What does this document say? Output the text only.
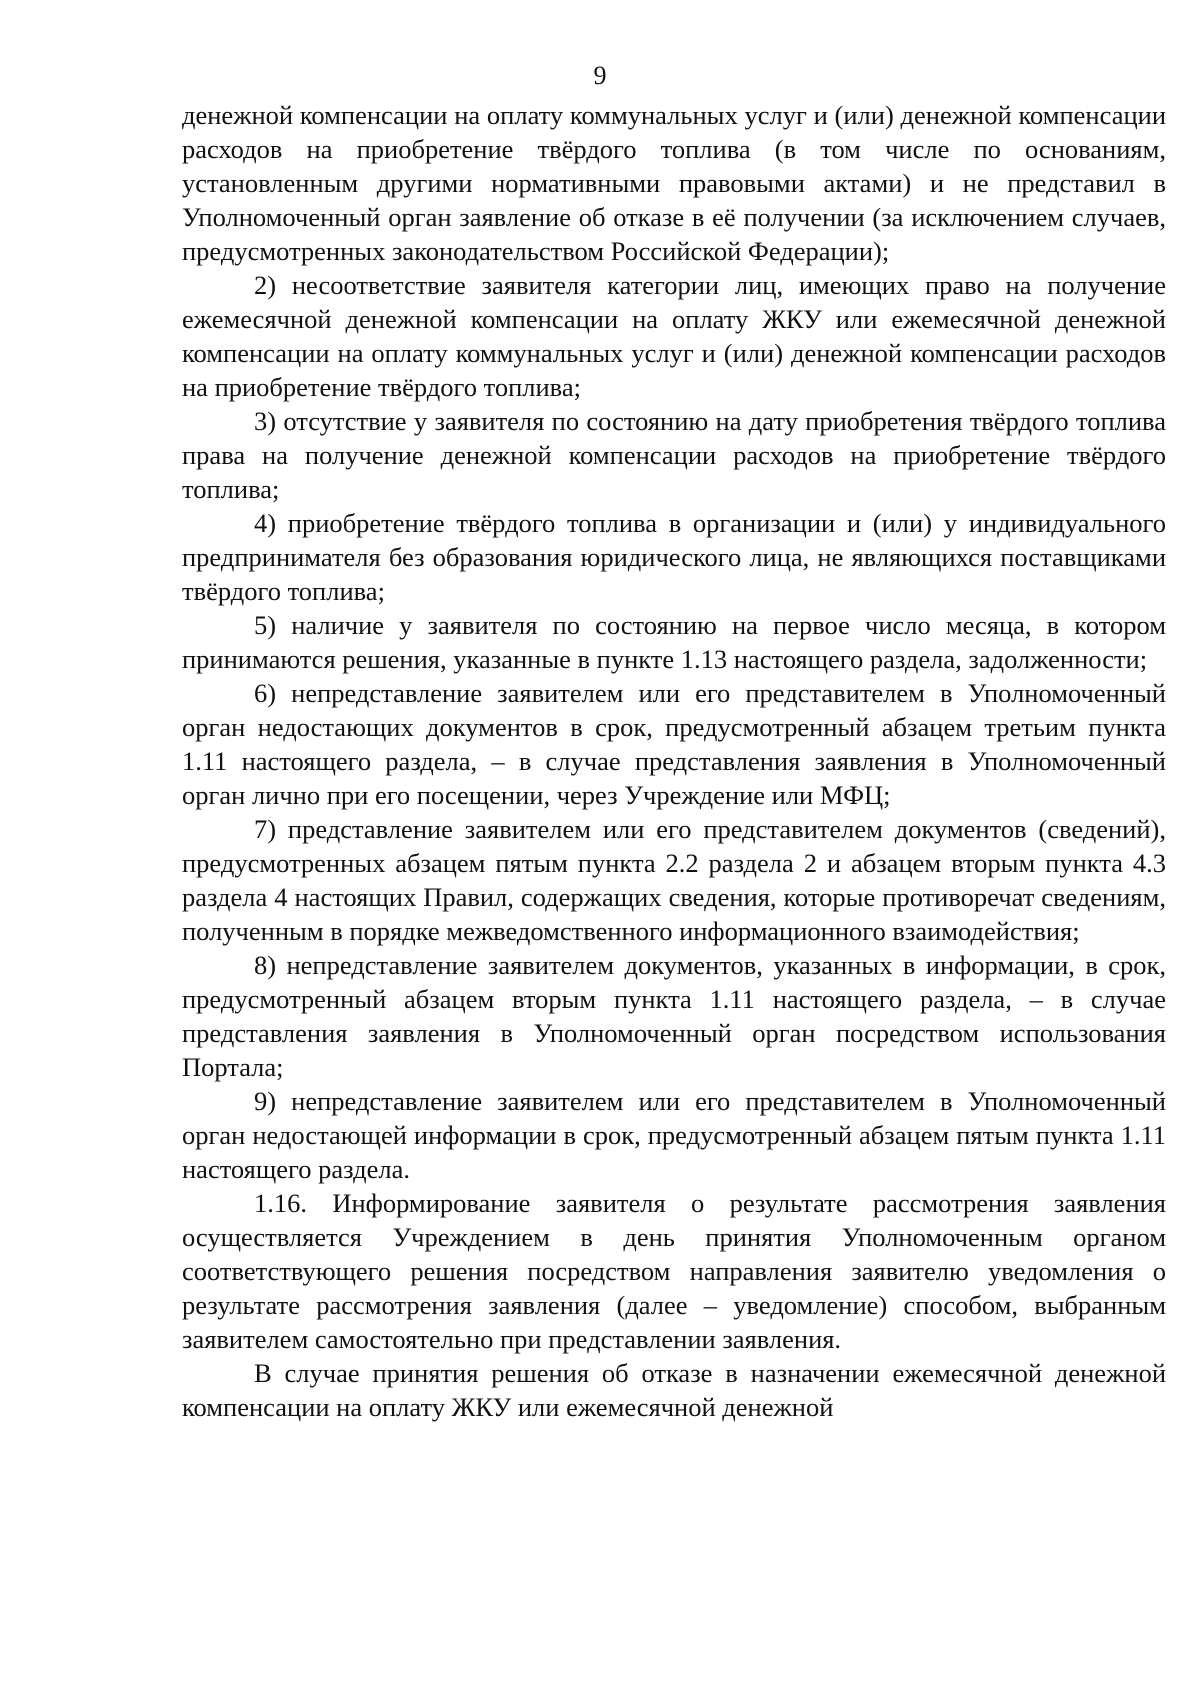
9

денежной компенсации на оплату коммунальных услуг и (или) денежной компенсации расходов на приобретение твёрдого топлива (в том числе по основаниям, установленным другими нормативными правовыми актами) и не представил в Уполномоченный орган заявление об отказе в её получении (за исключением случаев, предусмотренных законодательством Российской Федерации);

2) несоответствие заявителя категории лиц, имеющих право на получение ежемесячной денежной компенсации на оплату ЖКУ или ежемесячной денежной компенсации на оплату коммунальных услуг и (или) денежной компенсации расходов на приобретение твёрдого топлива;

3) отсутствие у заявителя по состоянию на дату приобретения твёрдого топлива права на получение денежной компенсации расходов на приобретение твёрдого топлива;

4) приобретение твёрдого топлива в организации и (или) у индивидуального предпринимателя без образования юридического лица, не являющихся поставщиками твёрдого топлива;

5) наличие у заявителя по состоянию на первое число месяца, в котором принимаются решения, указанные в пункте 1.13 настоящего раздела, задолженности;

6) непредставление заявителем или его представителем в Уполномоченный орган недостающих документов в срок, предусмотренный абзацем третьим пункта 1.11 настоящего раздела, – в случае представления заявления в Уполномоченный орган лично при его посещении, через Учреждение или МФЦ;

7) представление заявителем или его представителем документов (сведений), предусмотренных абзацем пятым пункта 2.2 раздела 2 и абзацем вторым пункта 4.3 раздела 4 настоящих Правил, содержащих сведения, которые противоречат сведениям, полученным в порядке межведомственного информационного взаимодействия;

8) непредставление заявителем документов, указанных в информации, в срок, предусмотренный абзацем вторым пункта 1.11 настоящего раздела, – в случае представления заявления в Уполномоченный орган посредством использования Портала;

9) непредставление заявителем или его представителем в Уполномоченный орган недостающей информации в срок, предусмотренный абзацем пятым пункта 1.11 настоящего раздела.

1.16. Информирование заявителя о результате рассмотрения заявления осуществляется Учреждением в день принятия Уполномоченным органом соответствующего решения посредством направления заявителю уведомления о результате рассмотрения заявления (далее – уведомление) способом, выбранным заявителем самостоятельно при представлении заявления.

В случае принятия решения об отказе в назначении ежемесячной денежной компенсации на оплату ЖКУ или ежемесячной денежной
